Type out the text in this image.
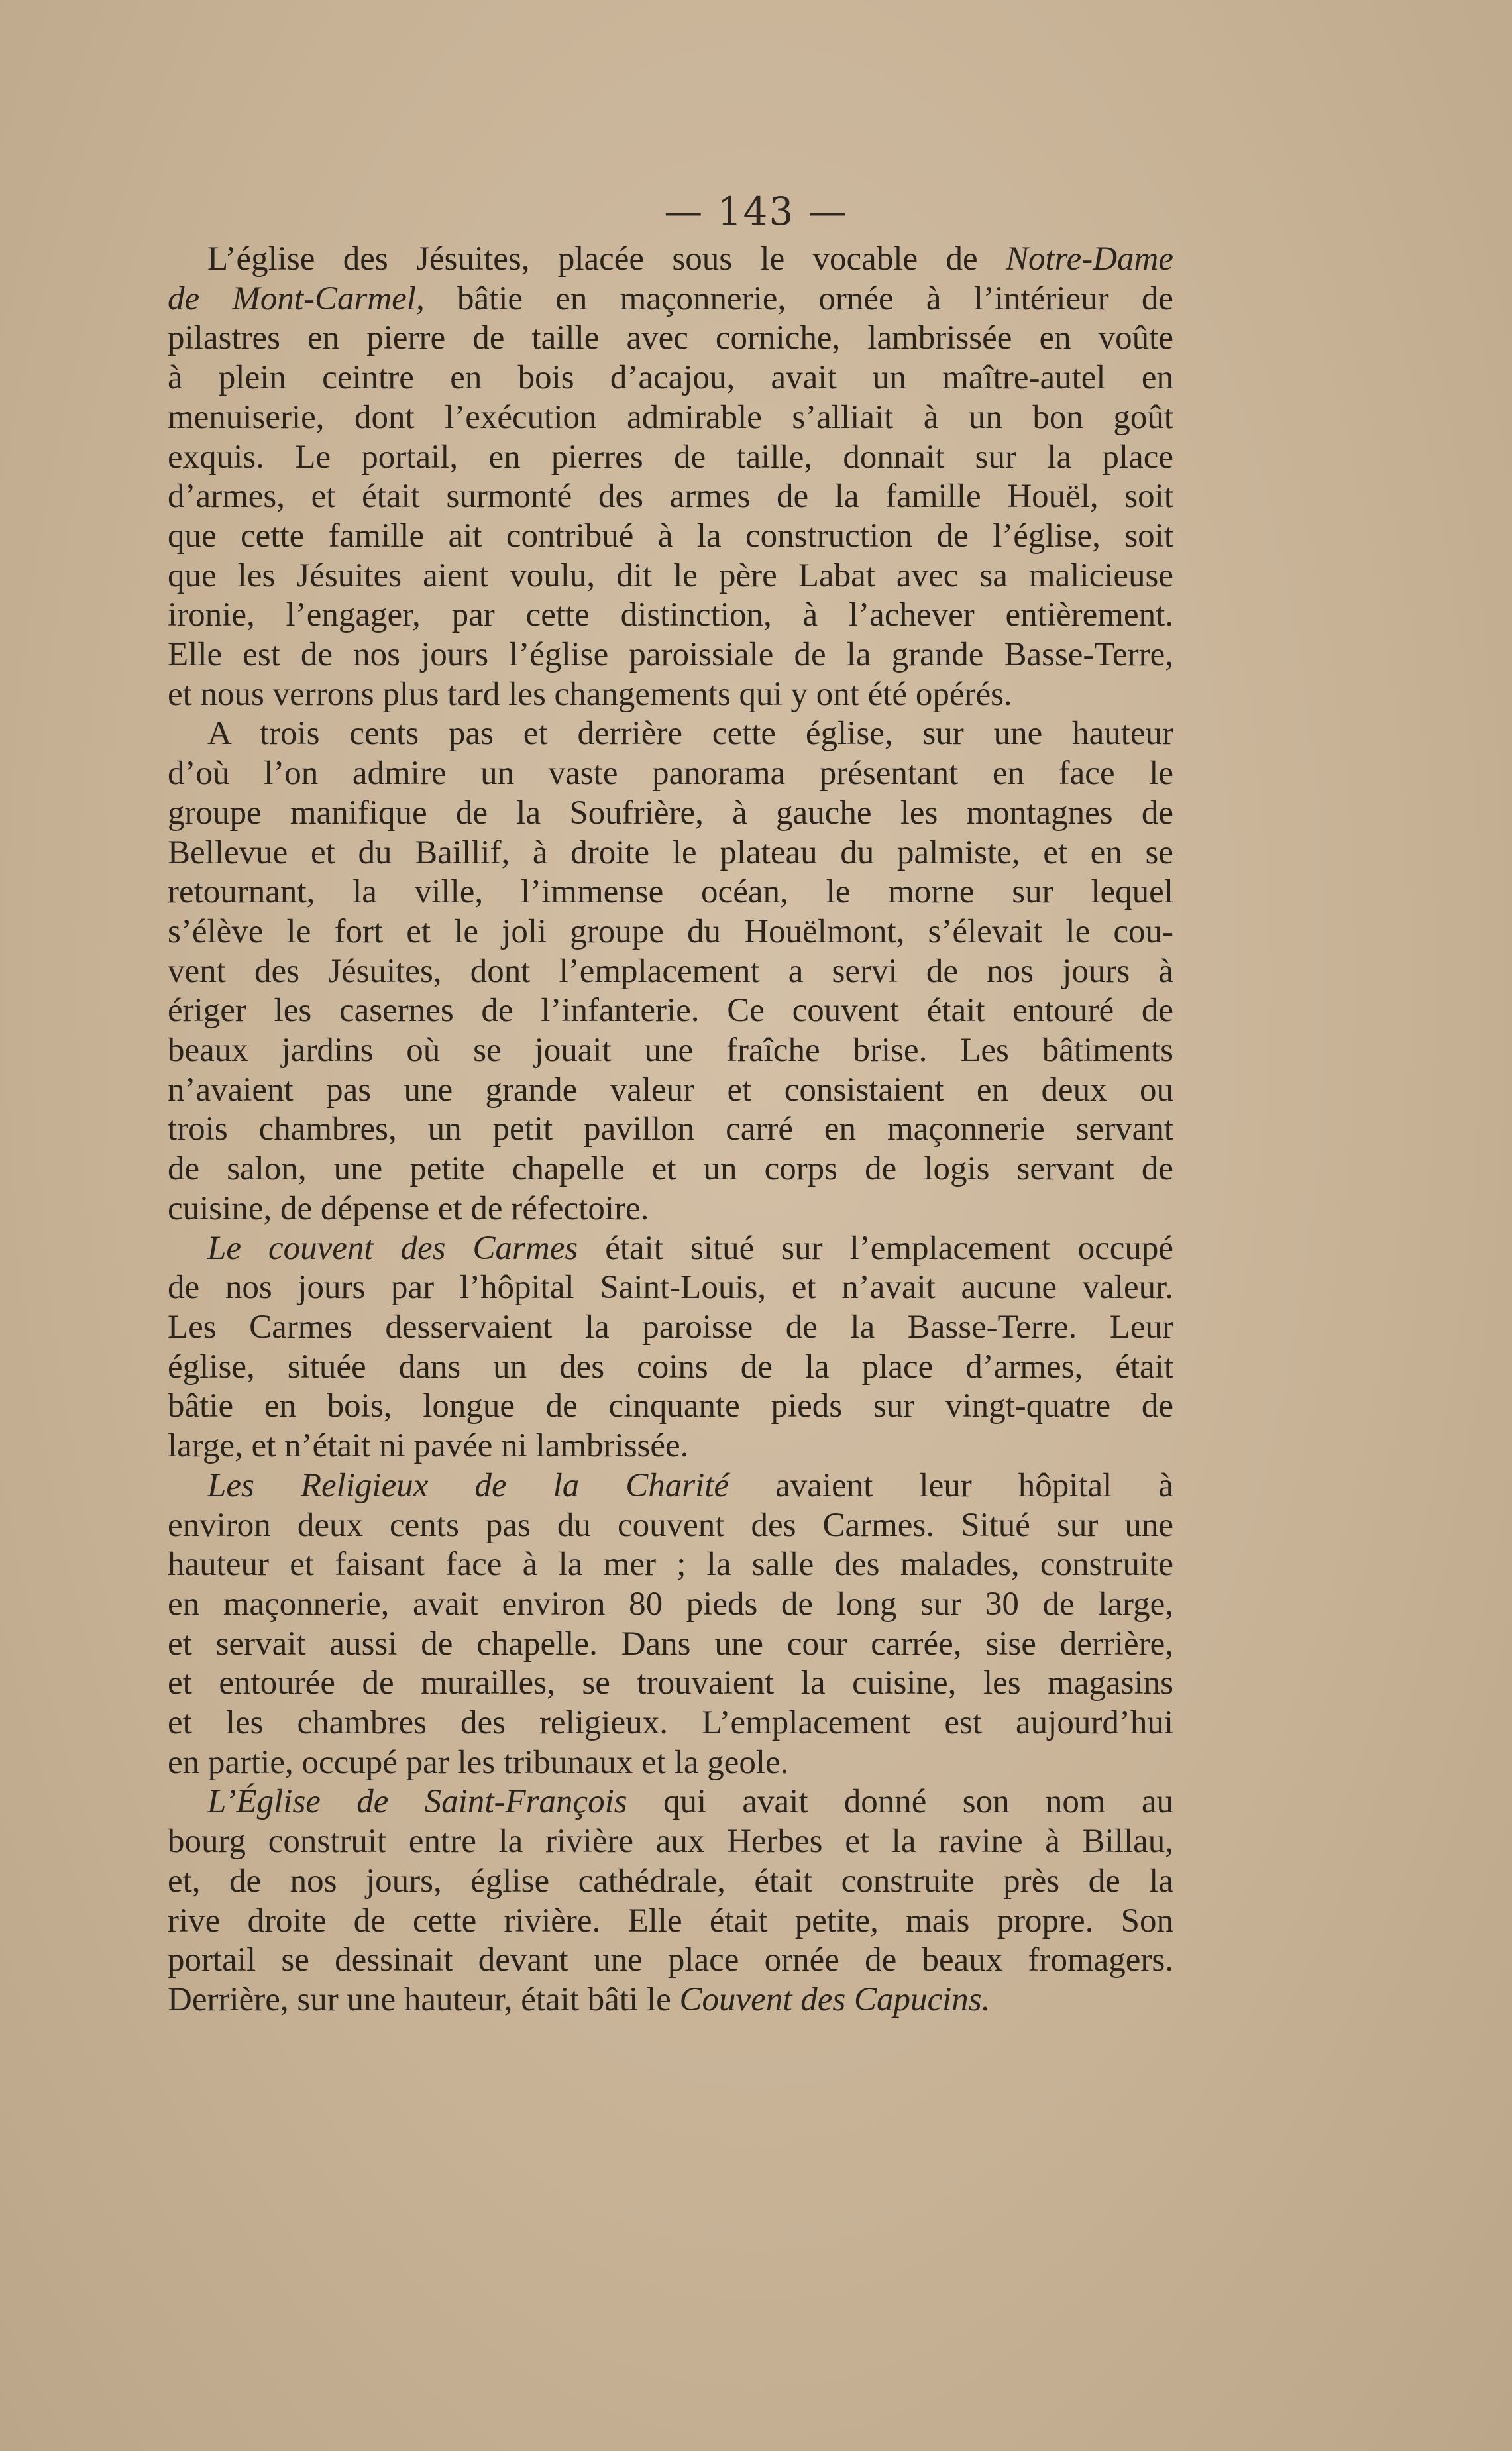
— 143 —
L’église des Jésuites, placée sous le vocable de Notre-Dame
de Mont-Carmel, bâtie en maçonnerie, ornée à l’intérieur de
pilastres en pierre de taille avec corniche, lambrissée en voûte
à plein ceintre en bois d’acajou, avait un maître-autel en
menuiserie, dont l’exécution admirable s’alliait à un bon goût
exquis. Le portail, en pierres de taille, donnait sur la place
d’armes, et était surmonté des armes de la famille Houël, soit
que cette famille ait contribué à la construction de l’église, soit
que les Jésuites aient voulu, dit le père Labat avec sa malicieuse
ironie, l’engager, par cette distinction, à l’achever entièrement.
Elle est de nos jours l’église paroissiale de la grande Basse-Terre,
et nous verrons plus tard les changements qui y ont été opérés.
A trois cents pas et derrière cette église, sur une hauteur
d’où l’on admire un vaste panorama présentant en face le
groupe manifique de la Soufrière, à gauche les montagnes de
Bellevue et du Baillif, à droite le plateau du palmiste, et en se
retournant, la ville, l’immense océan, le morne sur lequel
s’élève le fort et le joli groupe du Houëlmont, s’élevait le cou-
vent des Jésuites, dont l’emplacement a servi de nos jours à
ériger les casernes de l’infanterie. Ce couvent était entouré de
beaux jardins où se jouait une fraîche brise. Les bâtiments
n’avaient pas une grande valeur et consistaient en deux ou
trois chambres, un petit pavillon carré en maçonnerie servant
de salon, une petite chapelle et un corps de logis servant de
cuisine, de dépense et de réfectoire.
Le couvent des Carmes était situé sur l’emplacement occupé
de nos jours par l’hôpital Saint-Louis, et n’avait aucune valeur.
Les Carmes desservaient la paroisse de la Basse-Terre. Leur
église, située dans un des coins de la place d’armes, était
bâtie en bois, longue de cinquante pieds sur vingt-quatre de
large, et n’était ni pavée ni lambrissée.
Les Religieux de la Charité avaient leur hôpital à
environ deux cents pas du couvent des Carmes. Situé sur une
hauteur et faisant face à la mer ; la salle des malades, construite
en maçonnerie, avait environ 80 pieds de long sur 30 de large,
et servait aussi de chapelle. Dans une cour carrée, sise derrière,
et entourée de murailles, se trouvaient la cuisine, les magasins
et les chambres des religieux. L’emplacement est aujourd’hui
en partie, occupé par les tribunaux et la geole.
L’Église de Saint-François qui avait donné son nom au
bourg construit entre la rivière aux Herbes et la ravine à Billau,
et, de nos jours, église cathédrale, était construite près de la
rive droite de cette rivière. Elle était petite, mais propre. Son
portail se dessinait devant une place ornée de beaux fromagers.
Derrière, sur une hauteur, était bâti le Couvent des Capucins.
